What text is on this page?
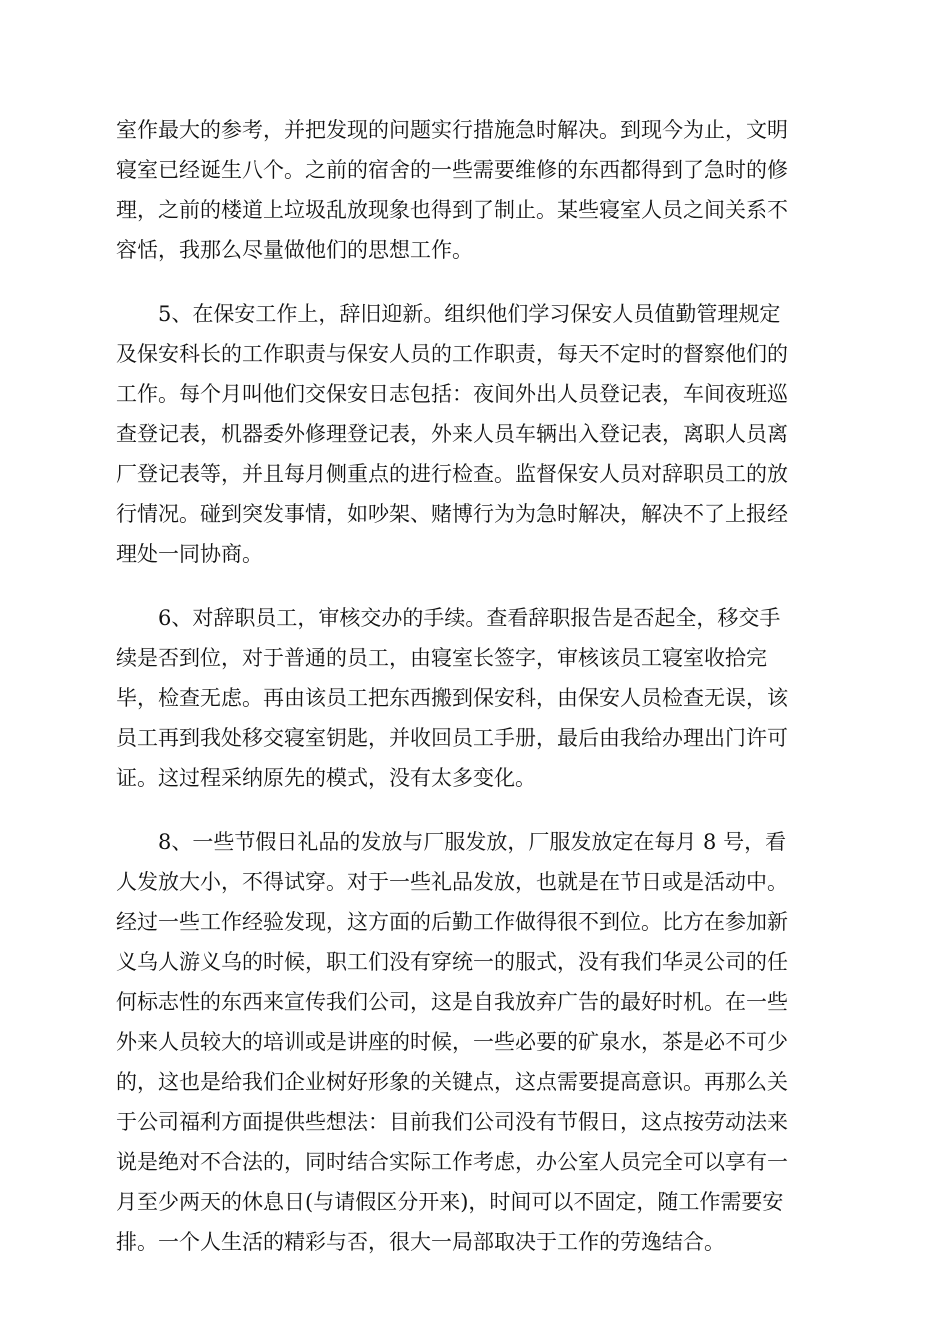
室作最大的参考，并把发现的问题实行措施急时解决。到现今为止，文明
寝室已经诞生八个。之前的宿舍的一些需要维修的东西都得到了急时的修
理，之前的楼道上垃圾乱放现象也得到了制止。某些寝室人员之间关系不
容恬，我那么尽量做他们的思想工作。
5、在保安工作上，辞旧迎新。组织他们学习保安人员值勤管理规定
及保安科长的工作职责与保安人员的工作职责，每天不定时的督察他们的
工作。每个月叫他们交保安日志包括：夜间外出人员登记表，车间夜班巡
查登记表，机器委外修理登记表，外来人员车辆出入登记表，离职人员离
厂登记表等，并且每月侧重点的进行检查。监督保安人员对辞职员工的放
行情况。碰到突发事情，如吵架、赌博行为为急时解决，解决不了上报经
理处一同协商。
6、对辞职员工，审核交办的手续。查看辞职报告是否起全，移交手
续是否到位，对于普通的员工，由寝室长签字，审核该员工寝室收拾完
毕，检查无虑。再由该员工把东西搬到保安科，由保安人员检查无误，该
员工再到我处移交寝室钥匙，并收回员工手册，最后由我给办理出门许可
证。这过程采纳原先的模式，没有太多变化。
8、一些节假日礼品的发放与厂服发放，厂服发放定在每月 8 号，看
人发放大小，不得试穿。对于一些礼品发放，也就是在节日或是活动中。
经过一些工作经验发现，这方面的后勤工作做得很不到位。比方在参加新
义乌人游义乌的时候，职工们没有穿统一的服式，没有我们华灵公司的任
何标志性的东西来宣传我们公司，这是自我放弃广告的最好时机。在一些
外来人员较大的培训或是讲座的时候，一些必要的矿泉水，茶是必不可少
的，这也是给我们企业树好形象的关键点，这点需要提高意识。再那么关
于公司福利方面提供些想法：目前我们公司没有节假日，这点按劳动法来
说是绝对不合法的，同时结合实际工作考虑，办公室人员完全可以享有一
月至少两天的休息日(与请假区分开来)，时间可以不固定，随工作需要安
排。一个人生活的精彩与否，很大一局部取决于工作的劳逸结合。
